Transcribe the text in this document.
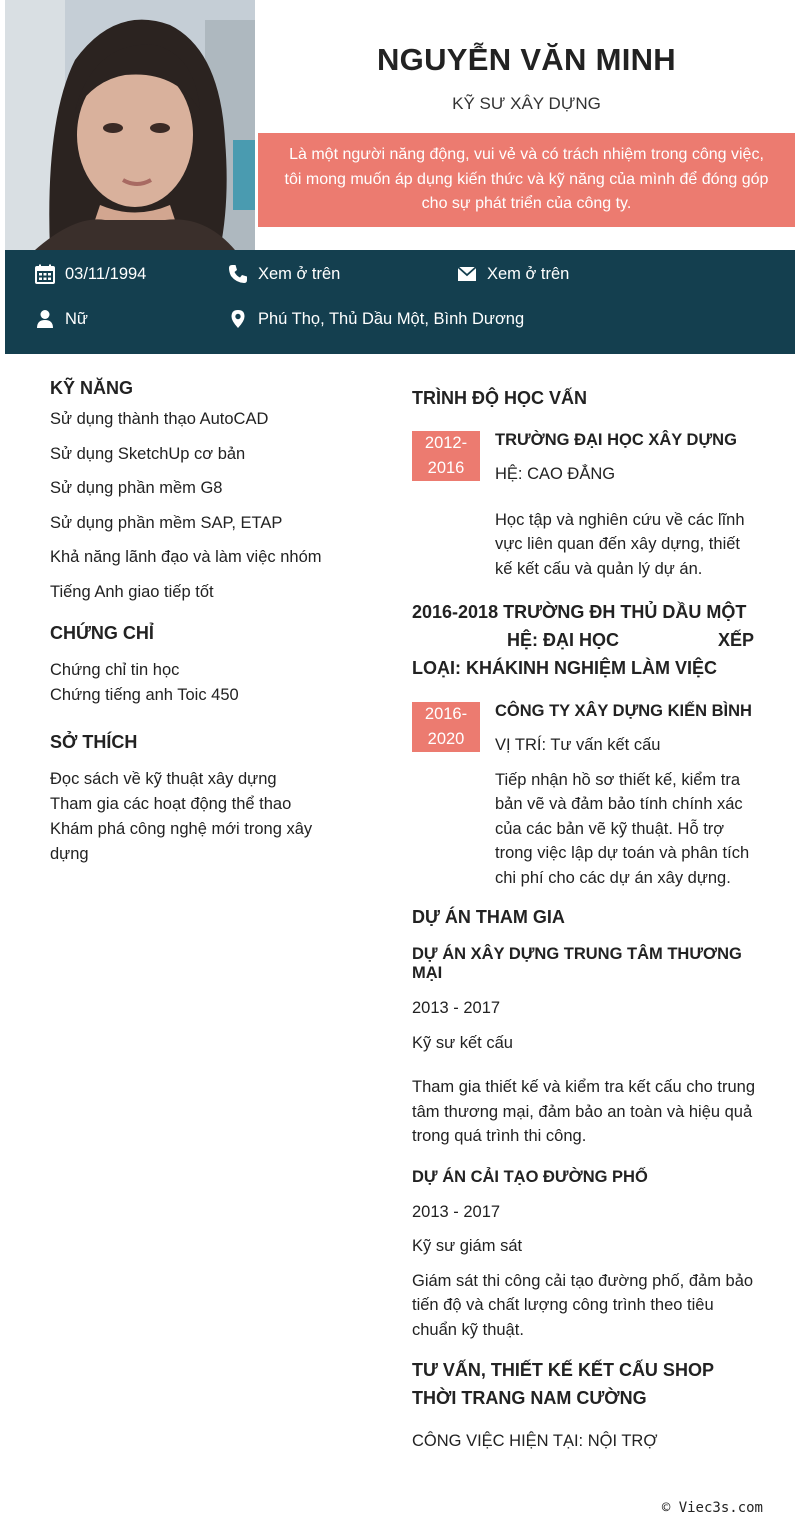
NGUYỄN VĂN MINH
KỸ SƯ XÂY DỰNG
Là một người năng động, vui vẻ và có trách nhiệm trong công việc, tôi mong muốn áp dụng kiến thức và kỹ năng của mình để đóng góp cho sự phát triển của công ty.
03/11/1994	Xem ở trên	Xem ở trên
Nữ	Phú Thọ, Thủ Dầu Một, Bình Dương
KỸ NĂNG
Sử dụng thành thạo AutoCAD
Sử dụng SketchUp cơ bản
Sử dụng phần mềm G8
Sử dụng phần mềm SAP, ETAP
Khả năng lãnh đạo và làm việc nhóm
Tiếng Anh giao tiếp tốt
CHỨNG CHỈ
Chứng chỉ tin học
Chứng tiếng anh Toic 450
SỞ THÍCH
Đọc sách về kỹ thuật xây dựng
Tham gia các hoạt động thể thao
Khám phá công nghệ mới trong xây dựng
TRÌNH ĐỘ HỌC VẤN
2012-
2016
TRƯỜNG ĐẠI HỌC XÂY DỰNG
HỆ: CAO ĐẲNG
Học tập và nghiên cứu về các lĩnh vực liên quan đến xây dựng, thiết kế kết cấu và quản lý dự án.
2016-2018 TRƯỜNG ĐH THỦ DẦU MỘT
HỆ: ĐẠI HỌC	XẾP
LOẠI: KHÁKINH NGHIỆM LÀM VIỆC
2016-
2020
CÔNG TY XÂY DỰNG KIẾN BÌNH
VỊ TRÍ: Tư vấn kết cấu
Tiếp nhận hồ sơ thiết kế, kiểm tra bản vẽ và đảm bảo tính chính xác của các bản vẽ kỹ thuật. Hỗ trợ trong việc lập dự toán và phân tích chi phí cho các dự án xây dựng.
DỰ ÁN THAM GIA
DỰ ÁN XÂY DỰNG TRUNG TÂM THƯƠNG MẠI
2013 - 2017
Kỹ sư kết cấu
Tham gia thiết kế và kiểm tra kết cấu cho trung tâm thương mại, đảm bảo an toàn và hiệu quả trong quá trình thi công.
DỰ ÁN CẢI TẠO ĐƯỜNG PHỐ
2013 - 2017
Kỹ sư giám sát
Giám sát thi công cải tạo đường phố, đảm bảo tiến độ và chất lượng công trình theo tiêu chuẩn kỹ thuật.
TƯ VẤN, THIẾT KẾ KẾT CẤU SHOP THỜI TRANG NAM CƯỜNG
CÔNG VIỆC HIỆN TẠI: NỘI TRỢ
© Viec3s.com
